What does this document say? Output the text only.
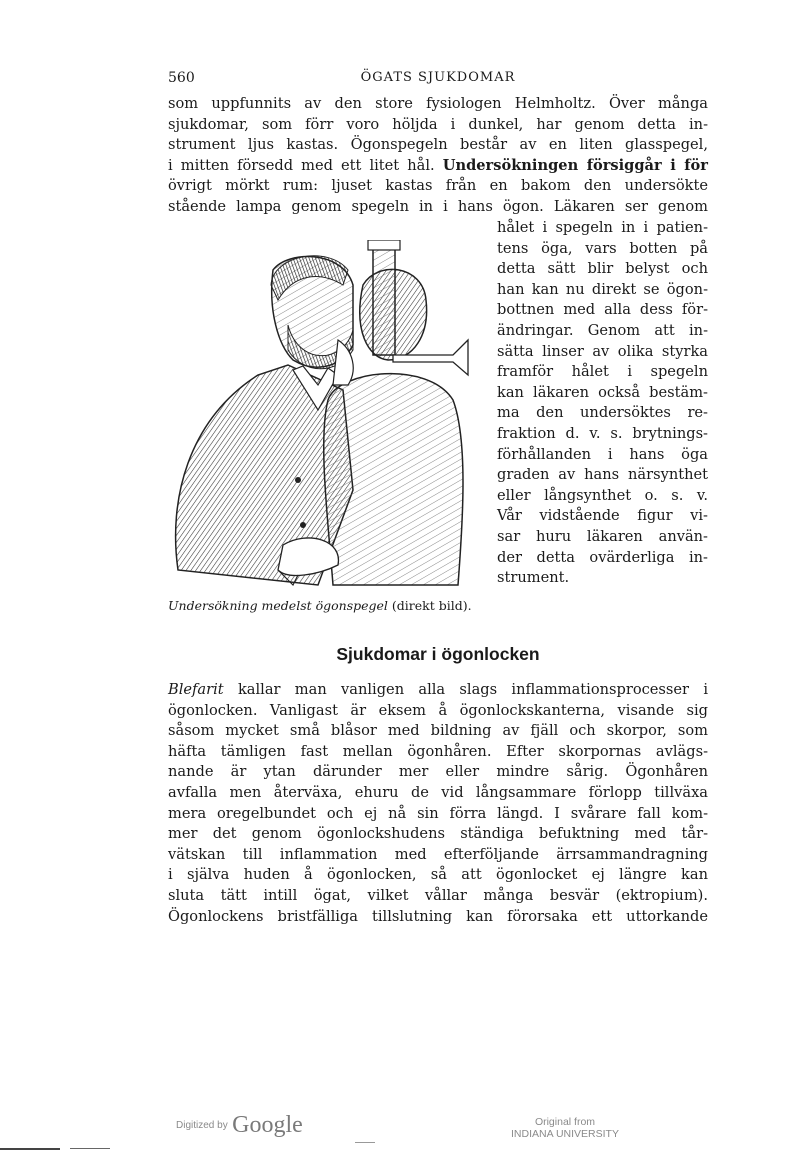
560	ÖGATS SJUKDOMAR
som uppfunnits av den store fysiologen Helmholtz. Över många
sjukdomar, som förr voro höljda i dunkel, har genom detta in-
strument ljus kastas. Ögonspegeln består av en liten glasspegel,
i mitten försedd med ett litet hål. Undersökningen försiggår i för
övrigt mörkt rum: ljuset kastas från en bakom den undersökte
stående lampa genom spegeln in i hans ögon. Läkaren ser genom
Undersökning medelst ögonspegel (direkt bild).
hålet i spegeln in i patien-
tens öga, vars botten på
detta sätt blir belyst och
han kan nu direkt se ögon-
bottnen med alla dess för-
ändringar. Genom att in-
sätta linser av olika styrka
framför hålet i spegeln
kan läkaren också bestäm-
ma den undersöktes re-
fraktion d. v. s. brytnings-
förhållanden i hans öga
graden av hans närsynthet
eller långsynthet o. s. v.
Vår vidstående figur vi-
sar huru läkaren använ-
der detta ovärderliga in-
strument.
Sjukdomar i ögonlocken
Blefarit kallar man vanligen alla slags inflammationsprocesser i
ögonlocken. Vanligast är eksem å ögonlockskanterna, visande sig
såsom mycket små blåsor med bildning av fjäll och skorpor, som
häfta tämligen fast mellan ögonhåren. Efter skorpornas avlägs-
nande är ytan därunder mer eller mindre sårig. Ögonhåren
avfalla men återväxa, ehuru de vid långsammare förlopp tillväxa
mera oregelbundet och ej nå sin förra längd. I svårare fall kom-
mer det genom ögonlockshudens ständiga befuktning med tår-
vätskan till inflammation med efterföljande ärrsammandragning
i själva huden å ögonlocken, så att ögonlocket ej längre kan
sluta tätt intill ögat, vilket vållar många besvär (ektropium).
Ögonlockens bristfälliga tillslutning kan förorsaka ett uttorkande
$^{Digitized by}$ Google	Original from
INDIANA UNIVERSITY
